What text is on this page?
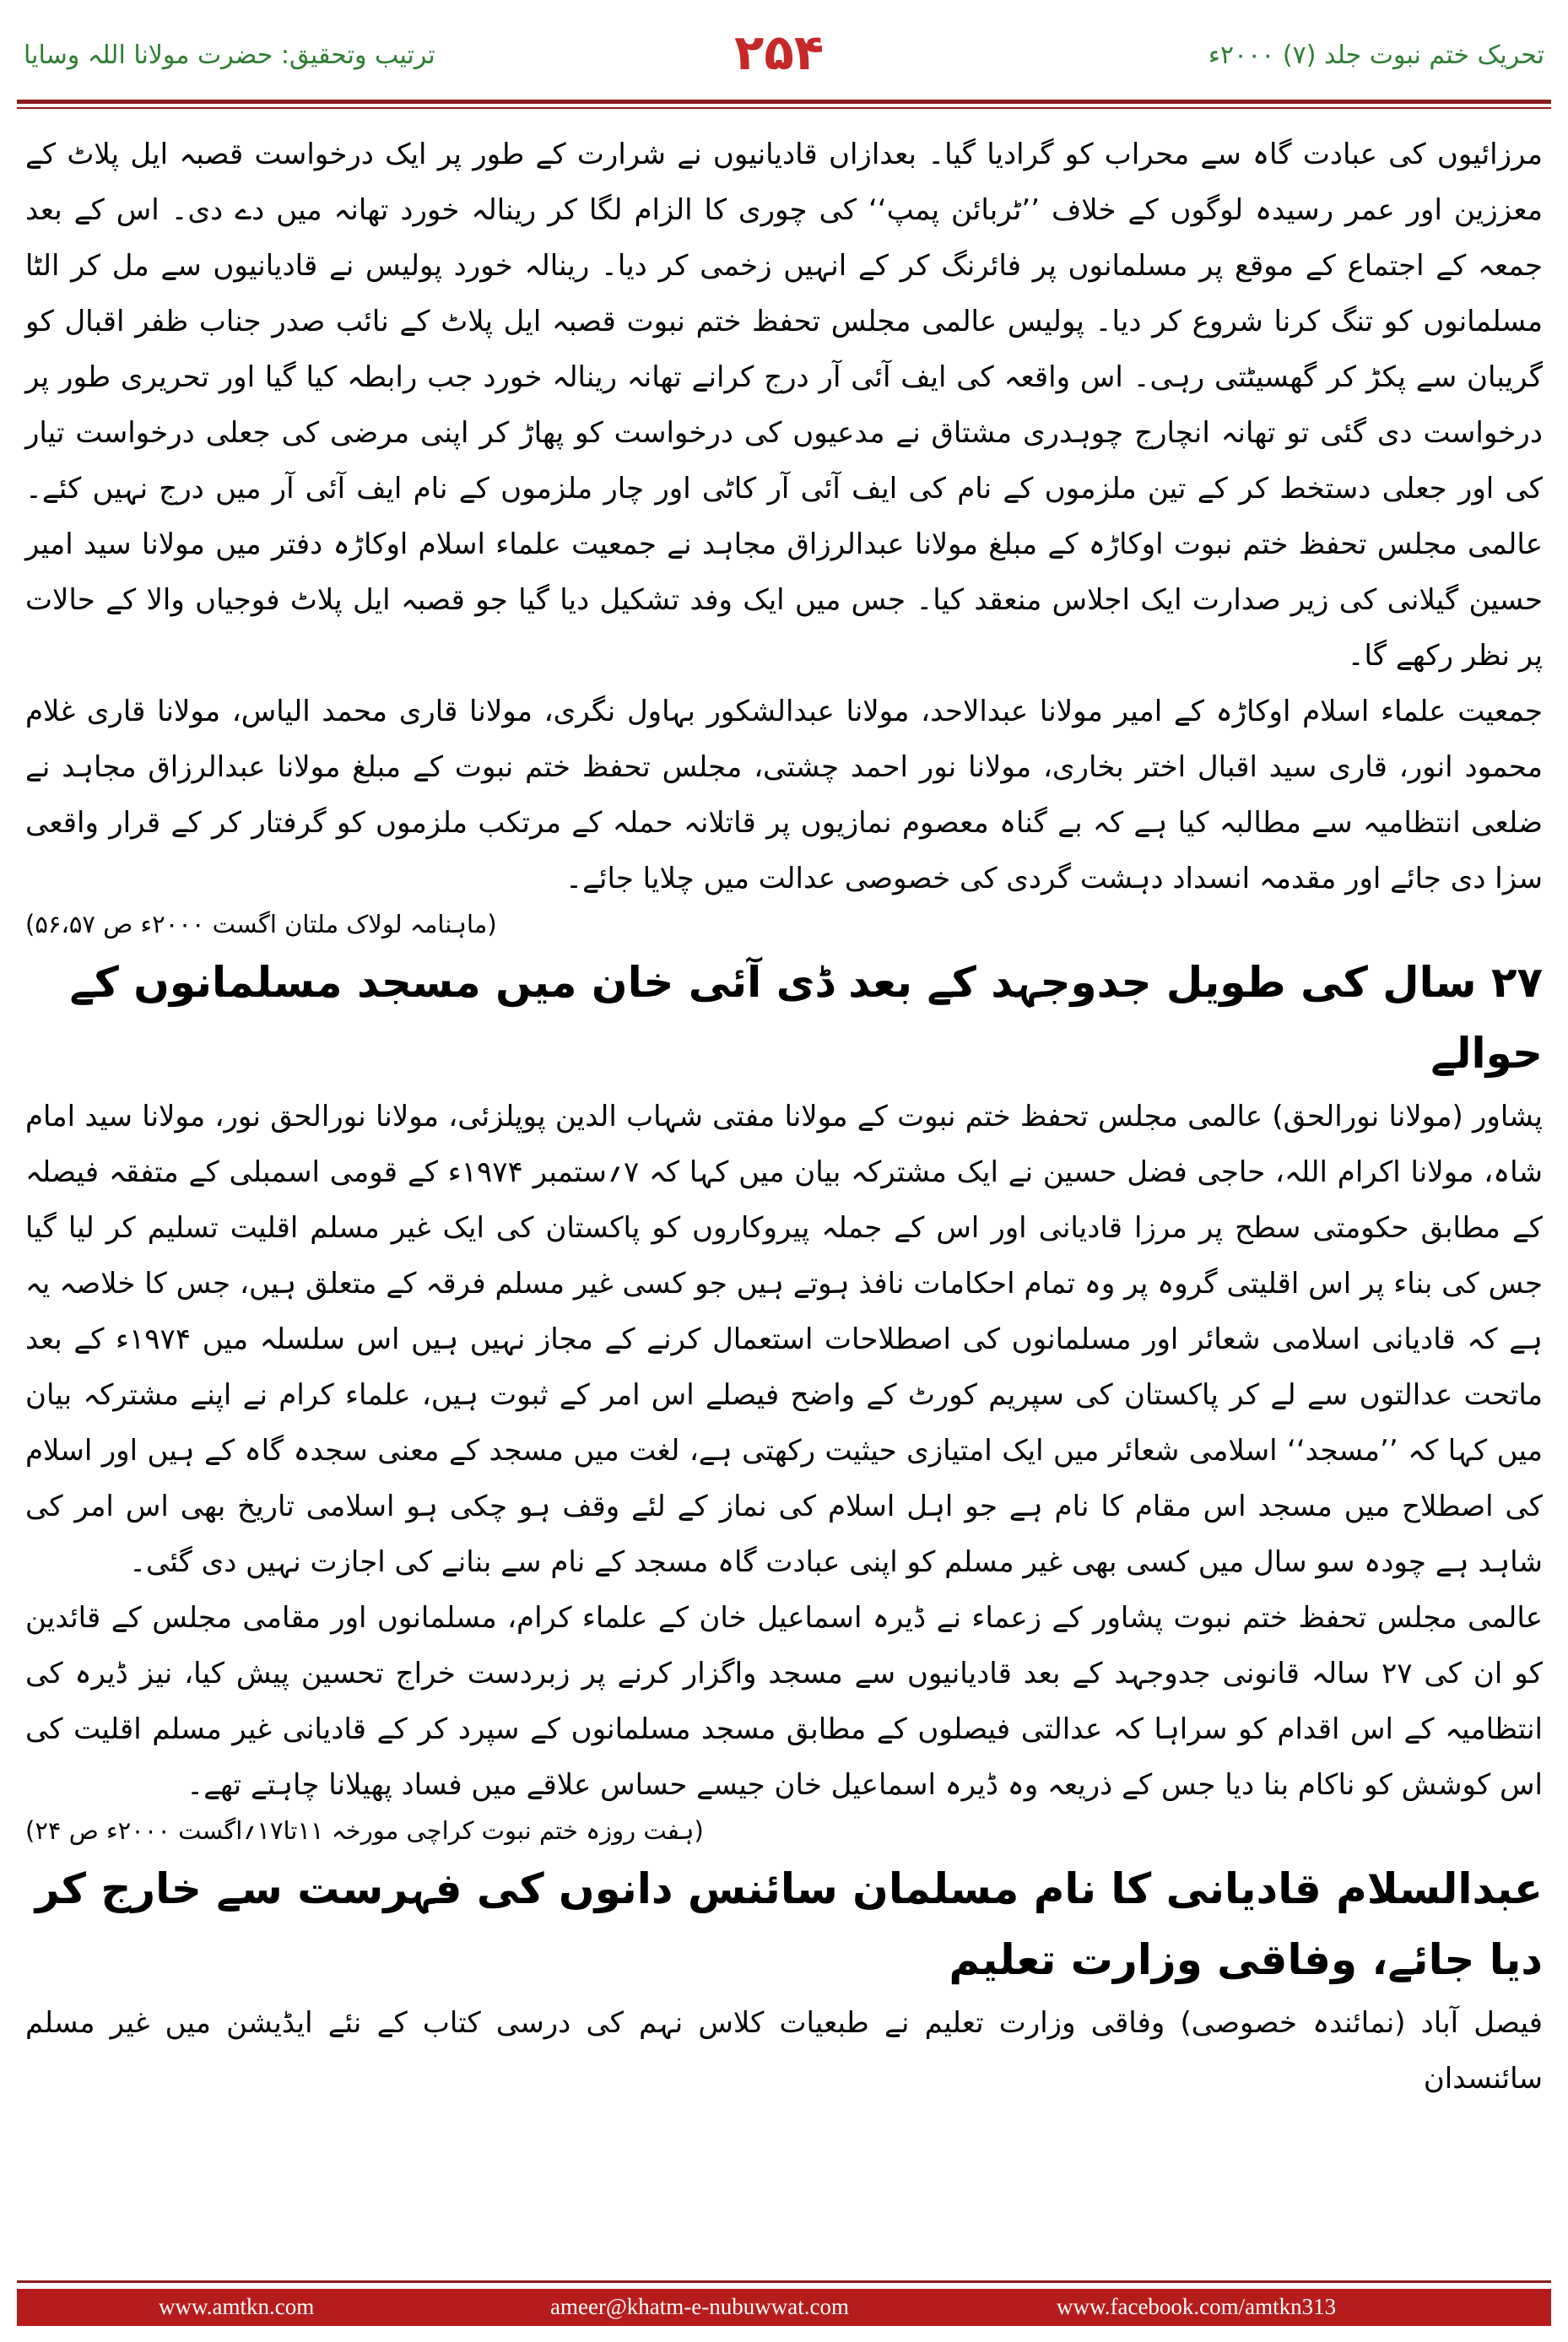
ترتیب وتحقیق: حضرت مولانا اللہ وسایا	۲۵۴	تحریک ختم نبوت جلد (۷) ۲۰۰۰ء

مرزائیوں کی عبادت گاہ سے محراب کو گرادیا گیا۔ بعدازاں قادیانیوں نے شرارت کے طور پر ایک درخواست قصبہ ایل پلاٹ کے معززین اور عمر رسیدہ لوگوں کے خلاف ’’ٹربائن پمپ‘‘ کی چوری کا الزام لگا کر رینالہ خورد تھانہ میں دے دی۔ اس کے بعد جمعہ کے اجتماع کے موقع پر مسلمانوں پر فائرنگ کر کے انہیں زخمی کر دیا۔ رینالہ خورد پولیس نے قادیانیوں سے مل کر الٹا مسلمانوں کو تنگ کرنا شروع کر دیا۔ پولیس عالمی مجلس تحفظ ختم نبوت قصبہ ایل پلاٹ کے نائب صدر جناب ظفر اقبال کو گریبان سے پکڑ کر گھسیٹتی رہی۔ اس واقعہ کی ایف آئی آر درج کرانے تھانہ رینالہ خورد جب رابطہ کیا گیا اور تحریری طور پر درخواست دی گئی تو تھانہ انچارج چوہدری مشتاق نے مدعیوں کی درخواست کو پھاڑ کر اپنی مرضی کی جعلی درخواست تیار کی اور جعلی دستخط کر کے تین ملزموں کے نام کی ایف آئی آر کاٹی اور چار ملزموں کے نام ایف آئی آر میں درج نہیں کئے۔ عالمی مجلس تحفظ ختم نبوت اوکاڑہ کے مبلغ مولانا عبدالرزاق مجاہد نے جمعیت علماء اسلام اوکاڑہ دفتر میں مولانا سید امیر حسین گیلانی کی زیر صدارت ایک اجلاس منعقد کیا۔ جس میں ایک وفد تشکیل دیا گیا جو قصبہ ایل پلاٹ فوجیاں والا کے حالات پر نظر رکھے گا۔

جمعیت علماء اسلام اوکاڑہ کے امیر مولانا عبدالاحد، مولانا عبدالشکور بہاول نگری، مولانا قاری محمد الیاس، مولانا قاری غلام محمود انور، قاری سید اقبال اختر بخاری، مولانا نور احمد چشتی، مجلس تحفظ ختم نبوت کے مبلغ مولانا عبدالرزاق مجاہد نے ضلعی انتظامیہ سے مطالبہ کیا ہے کہ بے گناہ معصوم نمازیوں پر قاتلانہ حملہ کے مرتکب ملزموں کو گرفتار کر کے قرار واقعی سزا دی جائے اور مقدمہ انسداد دہشت گردی کی خصوصی عدالت میں چلایا جائے۔

(ماہنامہ لولاک ملتان اگست ۲۰۰۰ء ص ۵۶،۵۷)
۲۷ سال کی طویل جدوجہد کے بعد ڈی آئی خان میں مسجد مسلمانوں کے حوالے

پشاور (مولانا نورالحق) عالمی مجلس تحفظ ختم نبوت کے مولانا مفتی شہاب الدین پوپلزئی، مولانا نورالحق نور، مولانا سید امام شاہ، مولانا اکرام اللہ، حاجی فضل حسین نے ایک مشترکہ بیان میں کہا کہ ۷؍ستمبر ۱۹۷۴ء کے قومی اسمبلی کے متفقہ فیصلہ کے مطابق حکومتی سطح پر مرزا قادیانی اور اس کے جملہ پیروکاروں کو پاکستان کی ایک غیر مسلم اقلیت تسلیم کر لیا گیا جس کی بناء پر اس اقلیتی گروہ پر وہ تمام احکامات نافذ ہوتے ہیں جو کسی غیر مسلم فرقہ کے متعلق ہیں، جس کا خلاصہ یہ ہے کہ قادیانی اسلامی شعائر اور مسلمانوں کی اصطلاحات استعمال کرنے کے مجاز نہیں ہیں اس سلسلہ میں ۱۹۷۴ء کے بعد ماتحت عدالتوں سے لے کر پاکستان کی سپریم کورٹ کے واضح فیصلے اس امر کے ثبوت ہیں، علماء کرام نے اپنے مشترکہ بیان میں کہا کہ ’’مسجد‘‘ اسلامی شعائر میں ایک امتیازی حیثیت رکھتی ہے، لغت میں مسجد کے معنی سجدہ گاہ کے ہیں اور اسلام کی اصطلاح میں مسجد اس مقام کا نام ہے جو اہل اسلام کی نماز کے لئے وقف ہو چکی ہو اسلامی تاریخ بھی اس امر کی شاہد ہے چودہ سو سال میں کسی بھی غیر مسلم کو اپنی عبادت گاہ مسجد کے نام سے بنانے کی اجازت نہیں دی گئی۔

عالمی مجلس تحفظ ختم نبوت پشاور کے زعماء نے ڈیرہ اسماعیل خان کے علماء کرام، مسلمانوں اور مقامی مجلس کے قائدین کو ان کی ۲۷ سالہ قانونی جدوجہد کے بعد قادیانیوں سے مسجد واگزار کرنے پر زبردست خراج تحسین پیش کیا، نیز ڈیرہ کی انتظامیہ کے اس اقدام کو سراہا کہ عدالتی فیصلوں کے مطابق مسجد مسلمانوں کے سپرد کر کے قادیانی غیر مسلم اقلیت کی اس کوشش کو ناکام بنا دیا جس کے ذریعہ وہ ڈیرہ اسماعیل خان جیسے حساس علاقے میں فساد پھیلانا چاہتے تھے۔

(ہفت روزہ ختم نبوت کراچی مورخہ ۱۱تا۱۷؍اگست ۲۰۰۰ء ص ۲۴)
عبدالسلام قادیانی کا نام مسلمان سائنس دانوں کی فہرست سے خارج کر دیا جائے، وفاقی وزارت تعلیم

فیصل آباد (نمائندہ خصوصی) وفاقی وزارت تعلیم نے طبعیات کلاس نہم کی درسی کتاب کے نئے ایڈیشن میں غیر مسلم سائنسدان

www.amtkn.com	ameer@khatm-e-nubuwwat.com	www.facebook.com/amtkn313
